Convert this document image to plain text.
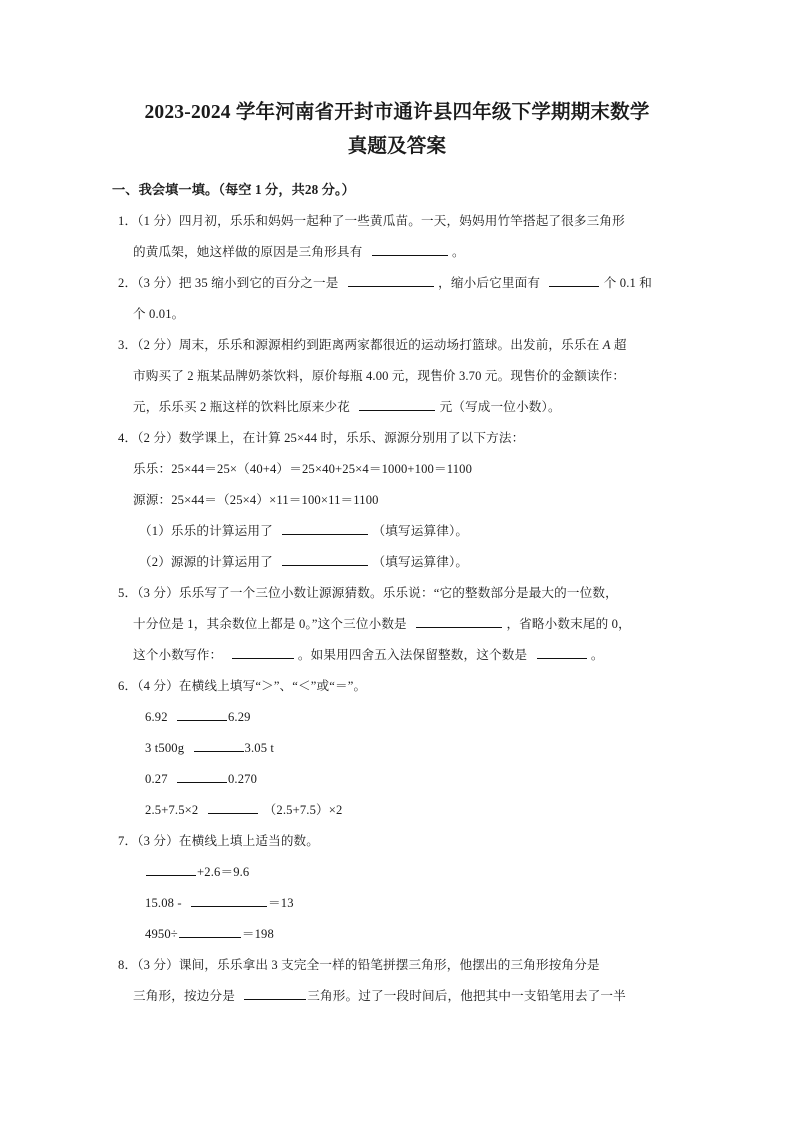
2023-2024 学年河南省开封市通许县四年级下学期期末数学
真题及答案
一、我会填一填。（每空 1 分，共28 分。）
1．（1 分）四月初，乐乐和妈妈一起种了一些黄瓜苗。一天，妈妈用竹竿搭起了很多三角形
的黄瓜架，她这样做的原因是三角形具有	。
2．（3 分）把 35 缩小到它的百分之一是	，缩小后它里面有	个 0.1 和
个 0.01。
3．（2 分）周末，乐乐和源源相约到距离两家都很近的运动场打篮球。出发前，乐乐在 A 超
市购买了 2 瓶某品牌奶茶饮料，原价每瓶 4.00 元，现售价 3.70 元。现售价的金额读作：
元，乐乐买 2 瓶这样的饮料比原来少花	元（写成一位小数）。
4．（2 分）数学课上，在计算 25×44 时，乐乐、源源分别用了以下方法：
乐乐：25×44＝25×（40+4）＝25×40+25×4＝1000+100＝1100
源源：25×44＝（25×4）×11＝100×11＝1100
（1）乐乐的计算运用了	（填写运算律）。
（2）源源的计算运用了	（填写运算律）。
5．（3 分）乐乐写了一个三位小数让源源猜数。乐乐说：“它的整数部分是最大的一位数，
十分位是 1，其余数位上都是 0。”这个三位小数是	，省略小数末尾的 0，
这个小数写作：	。如果用四舍五入法保留整数，这个数是	。
6．（4 分）在横线上填写“＞”、“＜”或“＝”。
6.92	6.29
3 t500g	3.05 t
0.27	0.270
2.5+7.5×2	（2.5+7.5）×2
7．（3 分）在横线上填上适当的数。
+2.6＝9.6
15.08 -	＝13
4950÷	＝198
8．（3 分）课间，乐乐拿出 3 支完全一样的铅笔拼摆三角形，他摆出的三角形按角分是
三角形，按边分是	三角形。过了一段时间后，他把其中一支铅笔用去了一半
